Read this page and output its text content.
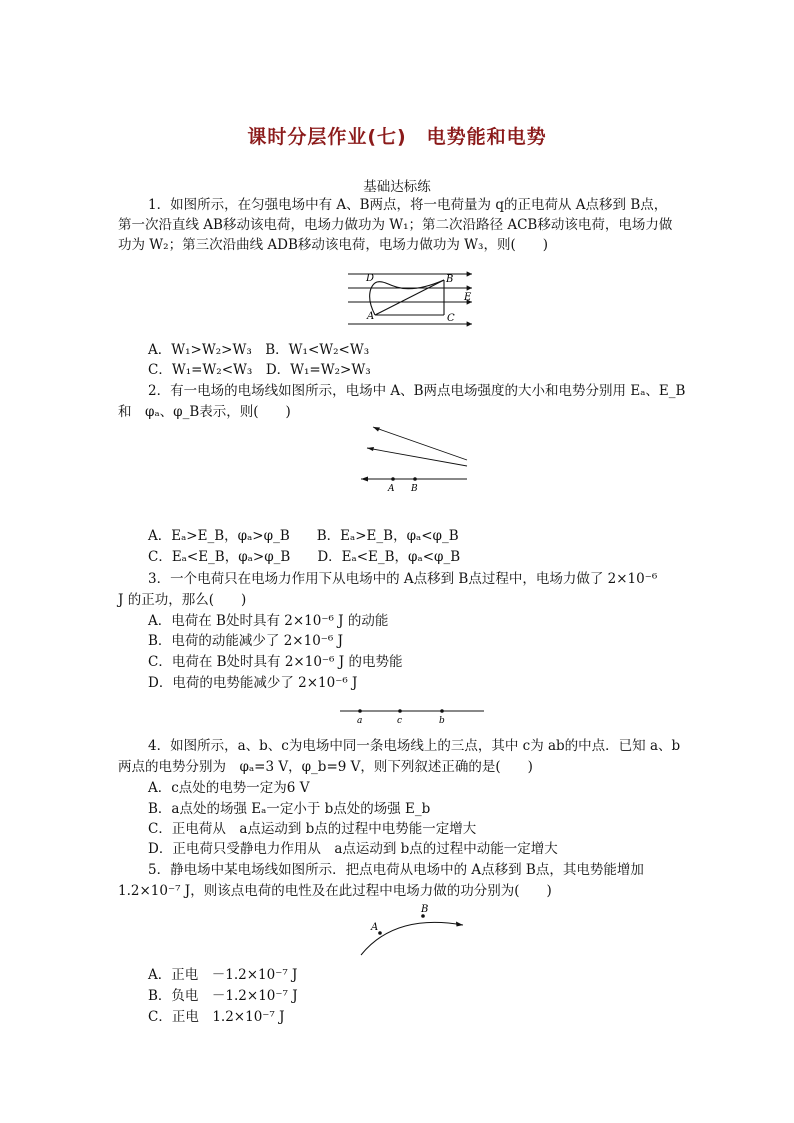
课时分层作业(七)　电势能和电势
基础达标练
1．如图所示，在匀强电场中有 A、B两点，将一电荷量为 q的正电荷从 A点移到 B点，
第一次沿直线 AB移动该电荷，电场力做功为 W₁；第二次沿路径 ACB移动该电荷，电场力做
功为 W₂；第三次沿曲线 ADB移动该电荷，电场力做功为 W₃，则(　　)
D	B
E
A	C
A．W₁>W₂>W₃　B．W₁<W₂<W₃
C．W₁=W₂<W₃　D．W₁=W₂>W₃
2．有一电场的电场线如图所示，电场中 A、B两点电场强度的大小和电势分别用 Eₐ、E_B
和　φₐ、φ_B表示，则(　　)
A B
A．Eₐ>E_B，φₐ>φ_B　　B．Eₐ>E_B，φₐ<φ_B
C．Eₐ<E_B，φₐ>φ_B　　D．Eₐ<E_B，φₐ<φ_B
3．一个电荷只在电场力作用下从电场中的 A点移到 B点过程中，电场力做了 2×10⁻⁶
J 的正功，那么(　　)
A．电荷在 B处时具有 2×10⁻⁶ J 的动能
B．电荷的动能减少了 2×10⁻⁶ J
C．电荷在 B处时具有 2×10⁻⁶ J 的电势能
D．电荷的电势能减少了 2×10⁻⁶ J
a	c	b
4．如图所示，a、b、c为电场中同一条电场线上的三点，其中 c为 ab的中点．已知 a、b
两点的电势分别为　φₐ=3 V，φ_b=9 V，则下列叙述正确的是(　　)
A．c点处的电势一定为6 V
B．a点处的场强 Eₐ一定小于 b点处的场强 E_b
C．正电荷从　a点运动到 b点的过程中电势能一定增大
D．正电荷只受静电力作用从　a点运动到 b点的过程中动能一定增大
5．静电场中某电场线如图所示．把点电荷从电场中的 A点移到 B点，其电势能增加
1.2×10⁻⁷ J，则该点电荷的电性及在此过程中电场力做的功分别为(　　)
A
B
A．正电　－1.2×10⁻⁷ J
B．负电　－1.2×10⁻⁷ J
C．正电　1.2×10⁻⁷ J
